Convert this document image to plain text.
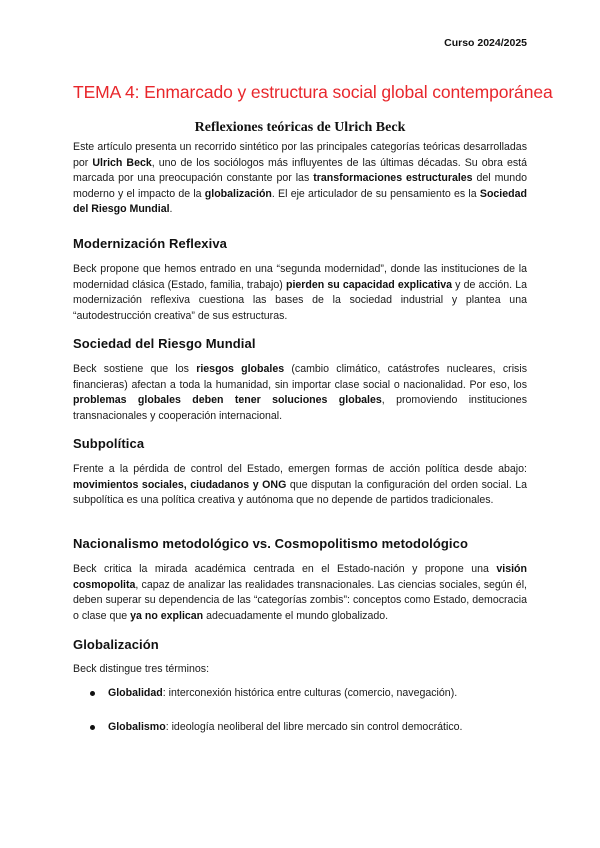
Curso 2024/2025
TEMA 4: Enmarcado y estructura social global contemporánea
Reflexiones teóricas de Ulrich Beck

Este artículo presenta un recorrido sintético por las principales categorías teóricas desarrolladas por Ulrich Beck, uno de los sociólogos más influyentes de las últimas décadas. Su obra está marcada por una preocupación constante por las transformaciones estructurales del mundo moderno y el impacto de la globalización. El eje articulador de su pensamiento es la Sociedad del Riesgo Mundial.

Modernización Reflexiva

Beck propone que hemos entrado en una “segunda modernidad”, donde las instituciones de la modernidad clásica (Estado, familia, trabajo) pierden su capacidad explicativa y de acción. La modernización reflexiva cuestiona las bases de la sociedad industrial y plantea una “autodestrucción creativa” de sus estructuras.

Sociedad del Riesgo Mundial

Beck sostiene que los riesgos globales (cambio climático, catástrofes nucleares, crisis financieras) afectan a toda la humanidad, sin importar clase social o nacionalidad. Por eso, los problemas globales deben tener soluciones globales, promoviendo instituciones transnacionales y cooperación internacional.

Subpolítica

Frente a la pérdida de control del Estado, emergen formas de acción política desde abajo: movimientos sociales, ciudadanos y ONG que disputan la configuración del orden social. La subpolítica es una política creativa y autónoma que no depende de partidos tradicionales.

Nacionalismo metodológico vs. Cosmopolitismo metodológico

Beck critica la mirada académica centrada en el Estado-nación y propone una visión cosmopolita, capaz de analizar las realidades transnacionales. Las ciencias sociales, según él, deben superar su dependencia de las “categorías zombis”: conceptos como Estado, democracia o clase que ya no explican adecuadamente el mundo globalizado.

Globalización

Beck distingue tres términos:

Globalidad: interconexión histórica entre culturas (comercio, navegación).
Globalismo: ideología neoliberal del libre mercado sin control democrático.
